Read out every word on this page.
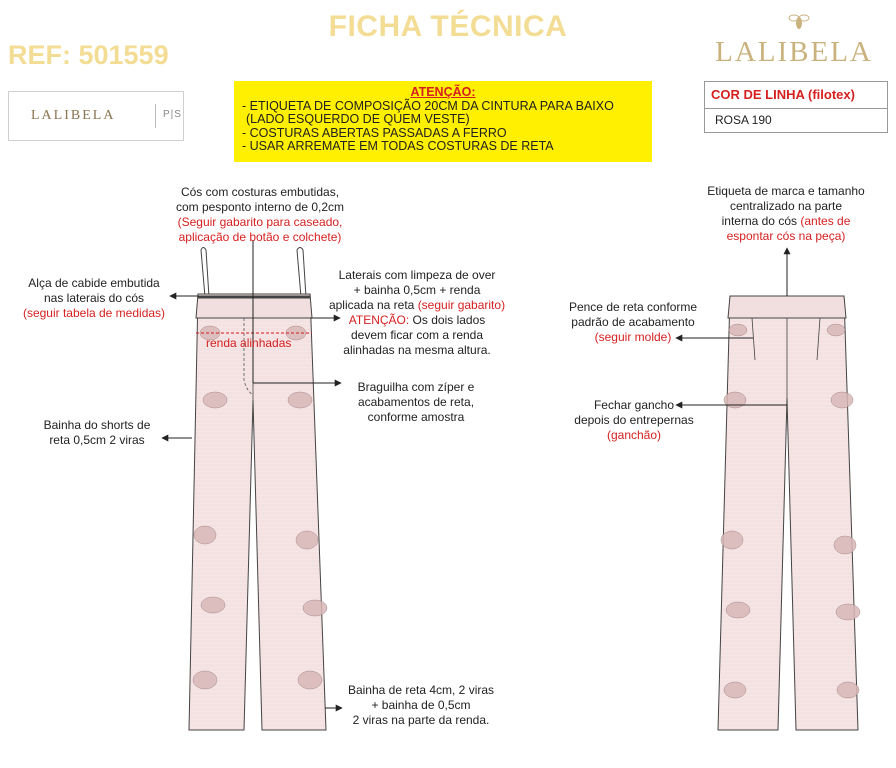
FICHA TÉCNICA
REF: 501559	LALIBELA
LALIBELA	P|S
ATENÇÃO:
- ETIQUETA DE COMPOSIÇÃO 20CM DA CINTURA PARA BAIXO
(LADO ESQUERDO DE QUEM VESTE)
- COSTURAS ABERTAS PASSADAS A FERRO
- USAR ARREMATE EM TODAS COSTURAS DE RETA
COR DE LINHA (filotex)
ROSA 190
Cós com costuras embutidas,
com pesponto interno de 0,2cm
(Seguir gabarito para caseado,
aplicação de botão e colchete)
Alça de cabide embutida
nas laterais do cós
(seguir tabela de medidas)
Laterais com limpeza de over
+ bainha 0,5cm + renda
aplicada na reta (seguir gabarito)
ATENÇÃO: Os dois lados
devem ficar com a renda
alinhadas na mesma altura.
renda alinhadas
Braguilha com zíper e
acabamentos de reta,
conforme amostra
Bainha do shorts de
reta 0,5cm 2 viras
Bainha de reta 4cm, 2 viras
+ bainha de 0,5cm
2 viras na parte da renda.
Etiqueta de marca e tamanho
centralizado na parte
interna do cós (antes de
espontar cós na peça)
Pence de reta conforme
padrão de acabamento
(seguir molde)
Fechar gancho
depois do entrepernas
(ganchão)
